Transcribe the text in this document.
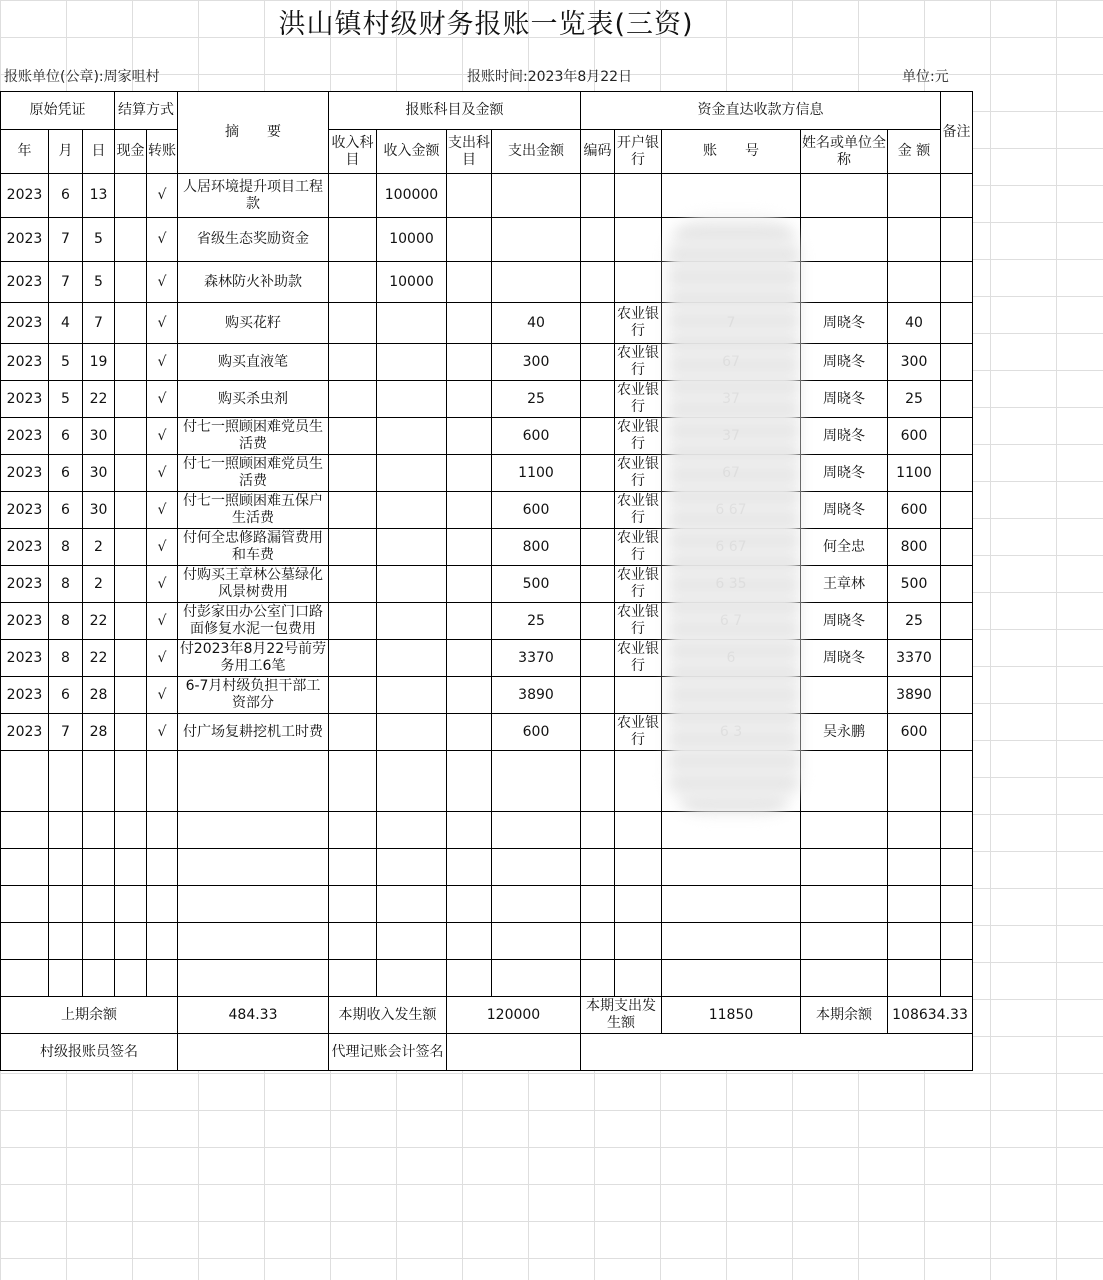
洪山镇村级财务报账一览表(三资)
报账单位(公章):周家咀村	报账时间:2023年8月22日	单位:元
原始凭证			结算方式		摘　　要	报账科目及金额				资金直达收款方信息					备注
年	月	日	现金	转账		收入科目	收入金额	支出科目	支出金额	编码	开户银行	账　　号	姓名或单位全称	金 额	
2023	6	13		√	人居环境提升项目工程款		100000								
2023	7	5		√	省级生态奖励资金		10000								
2023	7	5		√	森林防火补助款		10000								
2023	4	7		√	购买花籽				40		农业银行		周晓冬	40	
2023	5	19		√	购买直液笔				300		农业银行		周晓冬	300	
2023	5	22		√	购买杀虫剂				25		农业银行		周晓冬	25	
2023	6	30		√	付七一照顾困难党员生活费				600		农业银行		周晓冬	600	
2023	6	30		√	付七一照顾困难党员生活费				1100		农业银行		周晓冬	1100	
2023	6	30		√	付七一照顾困难五保户生活费				600		农业银行		周晓冬	600	
2023	8	2		√	付何全忠修路漏管费用和车费				800		农业银行		何全忠	800	
2023	8	2		√	付购买王章林公墓绿化风景树费用				500		农业银行		王章林	500	
2023	8	22		√	付彭家田办公室门口路面修复水泥一包费用				25		农业银行		周晓冬	25	
2023	8	22		√	付2023年8月22号前劳务用工6笔				3370		农业银行		周晓冬	3370	
2023	6	28		√	6-7月村级负担干部工资部分				3890					3890	
2023	7	28		√	付广场复耕挖机工时费				600		农业银行		吴永鹏	600	

上期余额					484.33	本期收入发生额		120000		本期支出发生额		11850	本期余额	108634.33	
村级报账员签名						代理记账会计签名									
